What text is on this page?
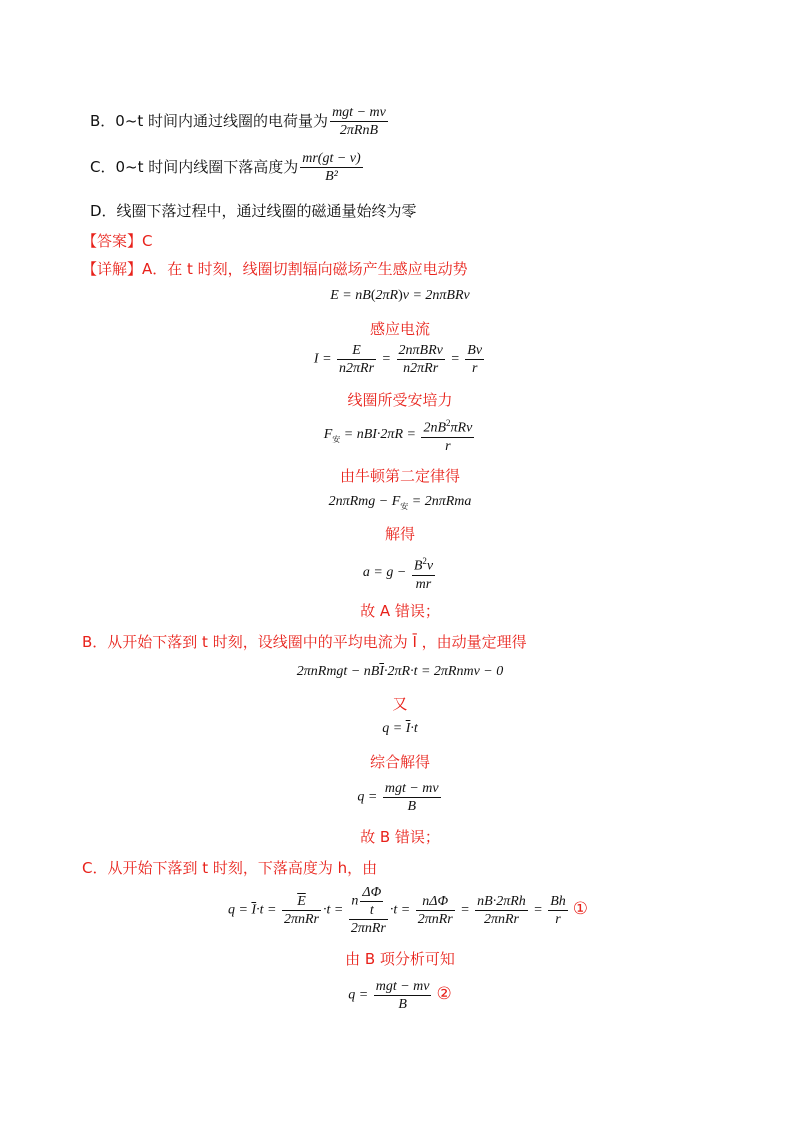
B．0~t 时间内通过线圈的电荷量为 $\frac{\text{mgt − mv}}{\text{2πRnB}}$
C．0~t 时间内线圈下落高度为 $\frac{mr(gt - v)}{\text{B²}}$
D．线圈下落过程中，通过线圈的磁通量始终为零
【答案】C
【详解】A．在 t 时刻，线圈切割辐向磁场产生感应电动势
E = nB(2πR)v = 2nπBRv
感应电流
$I = \frac{E}{\text{n2πRr}} = \frac{\text{2nπBRv}}{\text{n2πRr}} = \frac{Bv}{r}$
线圈所受安培力
$F_安 = nBI\cdot 2\pi R = \frac{2nB^2\pi Rv}{r}$
由牛顿第二定律得
$2n\pi Rmg - F_安 = 2n\pi Rma$
解得
$a = g - \frac{B^2v}{mr}$
故 A 错误；
B．从开始下落到 t 时刻，设线圈中的平均电流为 Ī ，由动量定理得
2πnRmgt − $nB\overline{I}\cdot 2\pi R\cdot t$ = 2πRnmv − 0
又
$q = \overline{I}\cdot t$
综合解得
$q = \frac{\text{mgt − mv}}{B}$
故 B 错误；
C．从开始下落到 t 时刻，下落高度为 h，由
$q = \overline{I}\cdot t = \frac{\overline{E}}{\text{2πnRr}} \cdot t = \frac{n \frac{\Delta\Phi}{t}}{\text{2πnRr}} \cdot t = \frac{\text{nΔΦ}}{\text{2πnRr}} = \frac{\text{nB·2πRh}}{\text{2πnRr}} = \frac{Bh}{r}$ ①
由 B 项分析可知
$q = \frac{\text{mgt − mv}}{B}$ ②
